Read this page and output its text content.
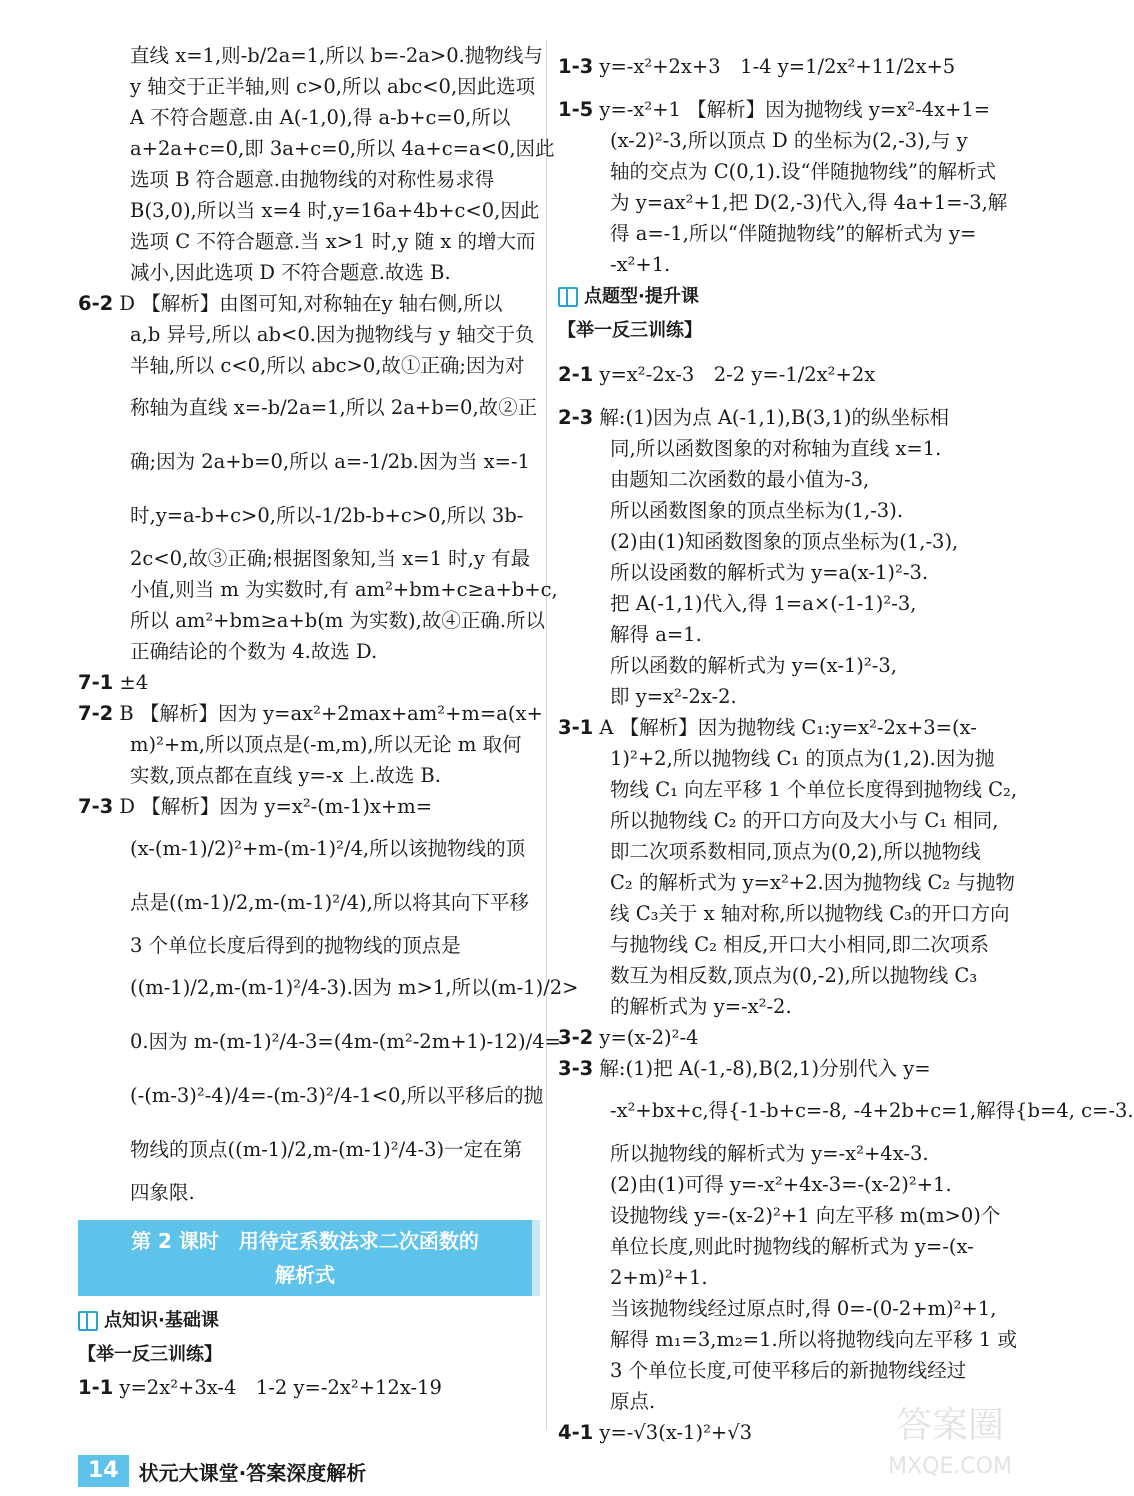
直线 x=1,则-b/2a=1,所以 b=-2a>0.抛物线与
y 轴交于正半轴,则 c>0,所以 abc<0,因此选项
A 不符合题意.由 A(-1,0),得 a-b+c=0,所以
a+2a+c=0,即 3a+c=0,所以 4a+c=a<0,因此
选项 B 符合题意.由抛物线的对称性易求得
B(3,0),所以当 x=4 时,y=16a+4b+c<0,因此
选项 C 不符合题意.当 x>1 时,y 随 x 的增大而
减小,因此选项 D 不符合题意.故选 B.
6-2 D 【解析】由图可知,对称轴在y 轴右侧,所以
a,b 异号,所以 ab<0.因为抛物线与 y 轴交于负
半轴,所以 c<0,所以 abc>0,故①正确;因为对
称轴为直线 x=-b/2a=1,所以 2a+b=0,故②正
确;因为 2a+b=0,所以 a=-1/2b.因为当 x=-1
时,y=a-b+c>0,所以-1/2b-b+c>0,所以 3b-
2c<0,故③正确;根据图象知,当 x=1 时,y 有最
小值,则当 m 为实数时,有 am²+bm+c≥a+b+c,
所以 am²+bm≥a+b(m 为实数),故④正确.所以
正确结论的个数为 4.故选 D.
7-1 ±4
7-2 B 【解析】因为 y=ax²+2max+am²+m=a(x+
m)²+m,所以顶点是(-m,m),所以无论 m 取何
实数,顶点都在直线 y=-x 上.故选 B.
7-3 D 【解析】因为 y=x²-(m-1)x+m=
(x-(m-1)/2)²+m-(m-1)²/4,所以该抛物线的顶
点是((m-1)/2,m-(m-1)²/4),所以将其向下平移
3 个单位长度后得到的抛物线的顶点是
((m-1)/2,m-(m-1)²/4-3).因为 m>1,所以(m-1)/2>
0.因为 m-(m-1)²/4-3=(4m-(m²-2m+1)-12)/4=
(-(m-3)²-4)/4=-(m-3)²/4-1<0,所以平移后的抛
物线的顶点((m-1)/2,m-(m-1)²/4-3)一定在第
四象限.
第 2 课时　用待定系数法求二次函数的
解析式
点知识·基础课
【举一反三训练】
1-1 y=2x²+3x-4　1-2 y=-2x²+12x-19
1-3 y=-x²+2x+3　1-4 y=1/2x²+11/2x+5
1-5 y=-x²+1 【解析】因为抛物线 y=x²-4x+1=
(x-2)²-3,所以顶点 D 的坐标为(2,-3),与 y
轴的交点为 C(0,1).设“伴随抛物线”的解析式
为 y=ax²+1,把 D(2,-3)代入,得 4a+1=-3,解
得 a=-1,所以“伴随抛物线”的解析式为 y=
-x²+1.
点题型·提升课
【举一反三训练】
2-1 y=x²-2x-3　2-2 y=-1/2x²+2x
2-3 解:(1)因为点 A(-1,1),B(3,1)的纵坐标相
同,所以函数图象的对称轴为直线 x=1.
由题知二次函数的最小值为-3,
所以函数图象的顶点坐标为(1,-3).
(2)由(1)知函数图象的顶点坐标为(1,-3),
所以设函数的解析式为 y=a(x-1)²-3.
把 A(-1,1)代入,得 1=a×(-1-1)²-3,
解得 a=1.
所以函数的解析式为 y=(x-1)²-3,
即 y=x²-2x-2.
3-1 A 【解析】因为抛物线 C₁:y=x²-2x+3=(x-
1)²+2,所以抛物线 C₁ 的顶点为(1,2).因为抛
物线 C₁ 向左平移 1 个单位长度得到抛物线 C₂,
所以抛物线 C₂ 的开口方向及大小与 C₁ 相同,
即二次项系数相同,顶点为(0,2),所以抛物线
C₂ 的解析式为 y=x²+2.因为抛物线 C₂ 与抛物
线 C₃关于 x 轴对称,所以抛物线 C₃的开口方向
与抛物线 C₂ 相反,开口大小相同,即二次项系
数互为相反数,顶点为(0,-2),所以抛物线 C₃
的解析式为 y=-x²-2.
3-2 y=(x-2)²-4
3-3 解:(1)把 A(-1,-8),B(2,1)分别代入 y=
-x²+bx+c,得{-1-b+c=-8, -4+2b+c=1,解得{b=4, c=-3.
所以抛物线的解析式为 y=-x²+4x-3.
(2)由(1)可得 y=-x²+4x-3=-(x-2)²+1.
设抛物线 y=-(x-2)²+1 向左平移 m(m>0)个
单位长度,则此时抛物线的解析式为 y=-(x-
2+m)²+1.
当该抛物线经过原点时,得 0=-(0-2+m)²+1,
解得 m₁=3,m₂=1.所以将抛物线向左平移 1 或
3 个单位长度,可使平移后的新抛物线经过
原点.
4-1 y=-√3(x-1)²+√3
14	状元大课堂·答案深度解析
答案圈
MXQE.COM
